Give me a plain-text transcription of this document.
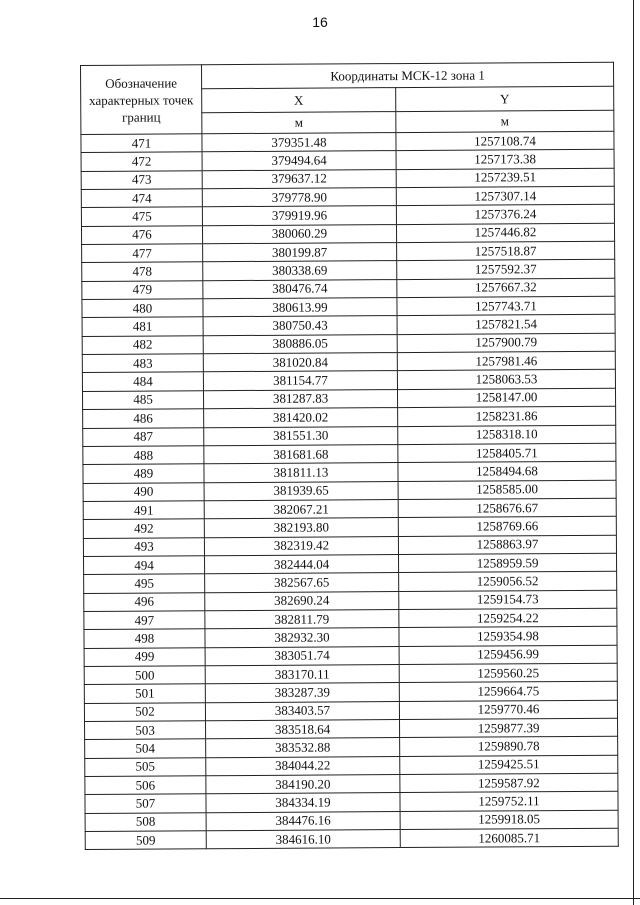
16
Обозначение характерных точек границ	Координаты МСК-12 зона 1	
	X	Y
	м	м
471	379351.48	1257108.74
472	379494.64	1257173.38
473	379637.12	1257239.51
474	379778.90	1257307.14
475	379919.96	1257376.24
476	380060.29	1257446.82
477	380199.87	1257518.87
478	380338.69	1257592.37
479	380476.74	1257667.32
480	380613.99	1257743.71
481	380750.43	1257821.54
482	380886.05	1257900.79
483	381020.84	1257981.46
484	381154.77	1258063.53
485	381287.83	1258147.00
486	381420.02	1258231.86
487	381551.30	1258318.10
488	381681.68	1258405.71
489	381811.13	1258494.68
490	381939.65	1258585.00
491	382067.21	1258676.67
492	382193.80	1258769.66
493	382319.42	1258863.97
494	382444.04	1258959.59
495	382567.65	1259056.52
496	382690.24	1259154.73
497	382811.79	1259254.22
498	382932.30	1259354.98
499	383051.74	1259456.99
500	383170.11	1259560.25
501	383287.39	1259664.75
502	383403.57	1259770.46
503	383518.64	1259877.39
504	383532.88	1259890.78
505	384044.22	1259425.51
506	384190.20	1259587.92
507	384334.19	1259752.11
508	384476.16	1259918.05
509	384616.10	1260085.71
